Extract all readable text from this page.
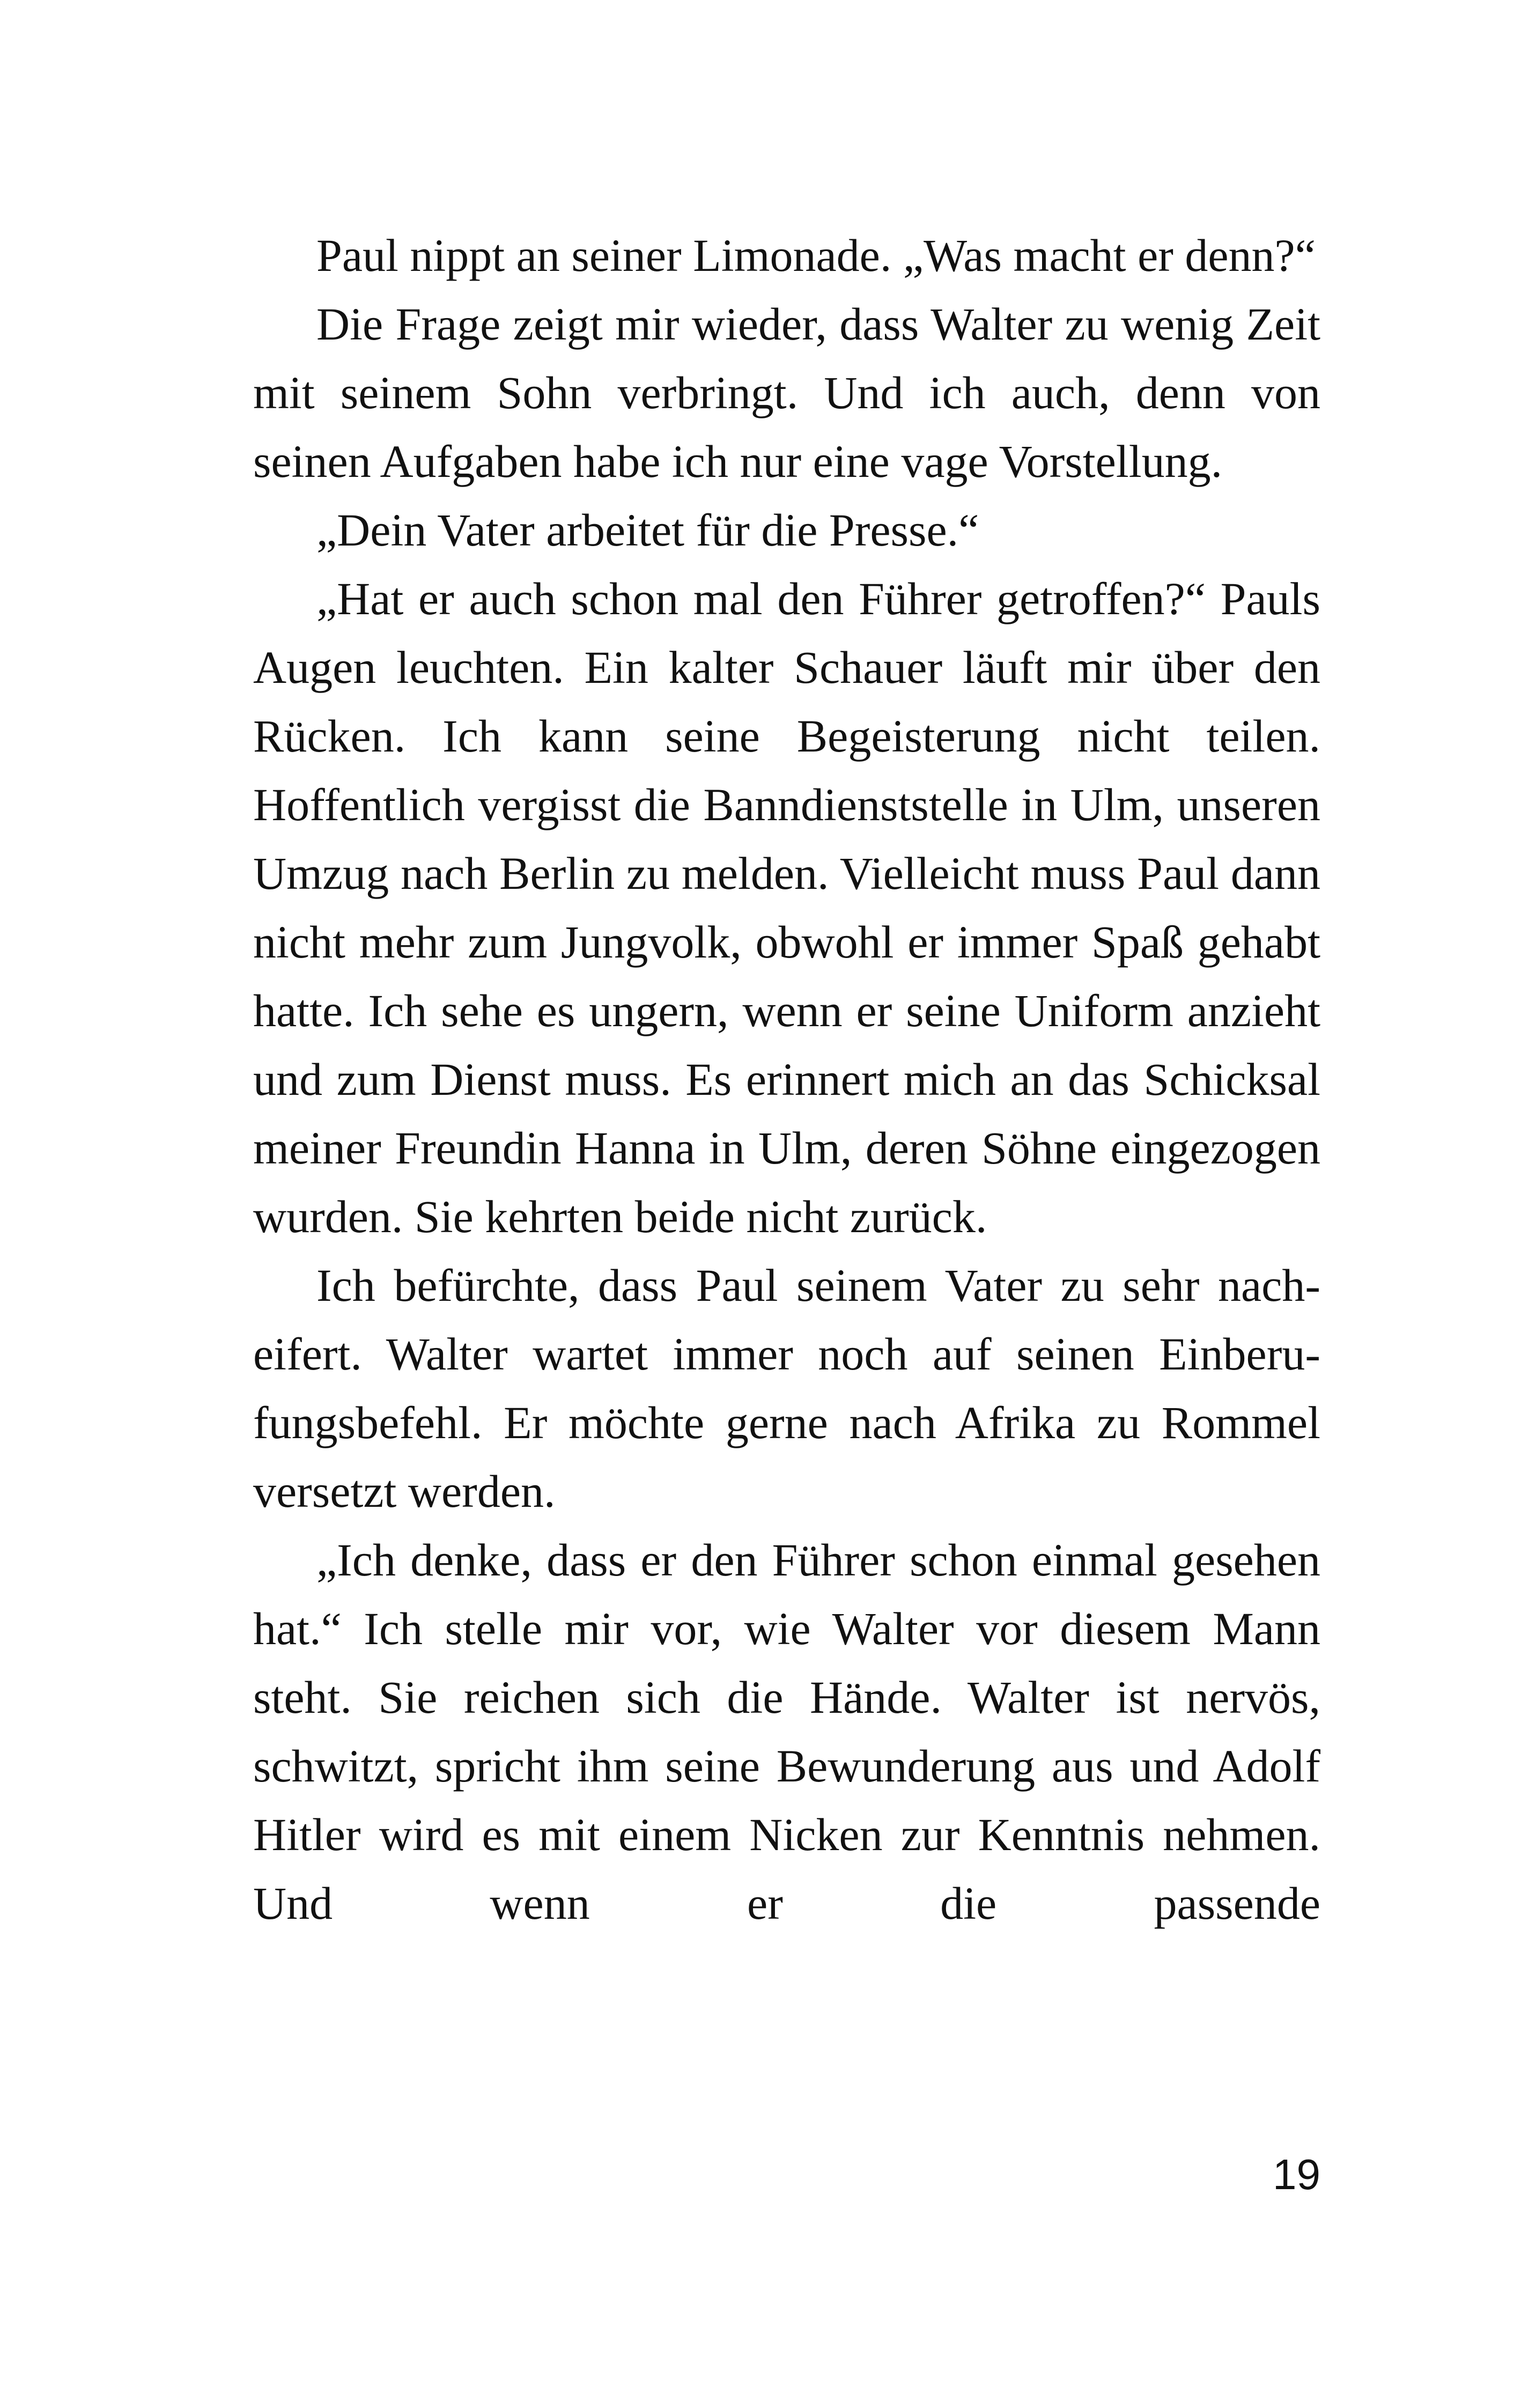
Paul nippt an seiner Limonade. „Was macht er denn?“

Die Frage zeigt mir wieder, dass Walter zu wenig Zeit mit seinem Sohn verbringt. Und ich auch, denn von seinen Aufgaben habe ich nur eine vage Vorstellung.

„Dein Vater arbeitet für die Presse.“

„Hat er auch schon mal den Führer getroffen?“ Pauls Augen leuchten. Ein kalter Schauer läuft mir über den Rücken. Ich kann seine Begeisterung nicht teilen. Hoffentlich vergisst die Banndienststelle in Ulm, unseren Umzug nach Berlin zu melden. Vielleicht muss Paul dann nicht mehr zum Jungvolk, obwohl er immer Spaß gehabt hatte. Ich sehe es ungern, wenn er seine Uniform anzieht und zum Dienst muss. Es erinnert mich an das Schicksal meiner Freundin Hanna in Ulm, deren Söhne eingezogen wurden. Sie kehrten beide nicht zurück.

Ich befürchte, dass Paul seinem Vater zu sehr nacheifert. Walter wartet immer noch auf seinen Einberufungsbefehl. Er möchte gerne nach Afrika zu Rommel versetzt werden.

„Ich denke, dass er den Führer schon einmal gesehen hat.“ Ich stelle mir vor, wie Walter vor diesem Mann steht. Sie reichen sich die Hände. Walter ist nervös, schwitzt, spricht ihm seine Bewunderung aus und Adolf Hitler wird es mit einem Nicken zur Kenntnis nehmen. Und wenn er die passende

19
